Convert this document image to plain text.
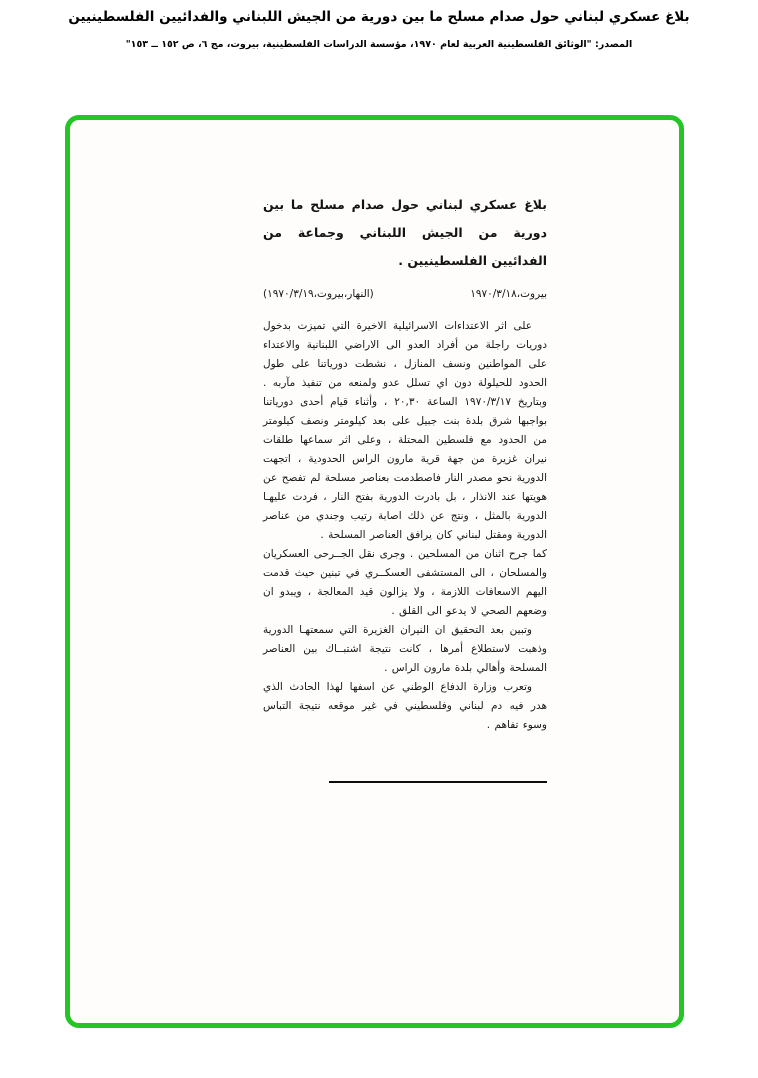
بلاغ عسكري لبناني حول صدام مسلح ما بين دورية من الجيش اللبناني والفدائيين الفلسطينيين
المصدر: "الوثائق الفلسطينية العربية لعام ١٩٧٠، مؤسسة الدراسات الفلسطينية، بيروت، مج ٦، ص ١٥٢ ــ ١٥٣"
بلاغ عسكري لبناني حول صدام مسلح ما بين دورية من الجيش اللبناني وجماعة من الفدائيين الفلسطينيين .
بيروت،١٩٧٠/٣/١٨
(النهار،بيروت،١٩٧٠/٣/١٩)

على اثر الاعتداءات الاسرائيلية الاخيرة التي تميزت بدخول دوريات راجلة من أفراد العدو الى الاراضي اللبنانية والاعتداء على المواطنين ونسف المنازل ، نشطت دورياتنا على طول الحدود للحيلولة دون اي تسلل عدو ولمنعه من تنفيذ مآربه . وبتاريخ ١٩٧٠/٣/١٧ الساعة ٢٠,٣٠ ، وأثناء قيام أحدى دورياتنا بواجبها شرق بلدة بنت جبيل على بعد كيلومتر ونصف كيلومتر من الحدود مع فلسطين المحتلة ، وعلى اثر سماعها طلقات نيران غزيرة من جهة قرية مارون الراس الحدودية ، اتجهت الدورية نحو مصدر النار فاصطدمت بعناصر مسلحة لم تفصح عن هويتها عند الانذار ، بل بادرت الدورية بفتح النار ، فردت عليهـا الدورية بالمثل ، ونتج عن ذلك اصابة رتيب وجندي من عناصر الدورية ومقتل لبناني كان يرافق العناصر المسلحة .

كما جرح اثنان من المسلحين . وجرى نقل الجــرحى العسكريان والمسلحان ، الى المستشفى العسكــري في تبنين حيث قدمت اليهم الاسعافات اللازمة ، ولا يزالون قيد المعالجة ، ويبدو ان وضعهم الصحي لا يدعو الى القلق .

وتبين بعد التحقيق ان النيران الغزيرة التي سمعتهـا الدورية وذهبت لاستطلاع أمرها ، كانت نتيجة اشتبــاك بين العناصر المسلحة وأهالي بلدة مارون الراس .

وتعرب وزارة الدفاع الوطني عن اسفها لهذا الحادث الذي هدر فيه دم لبناني وفلسطيني في غير موقعه نتيجة التباس وسوء تفاهم .
